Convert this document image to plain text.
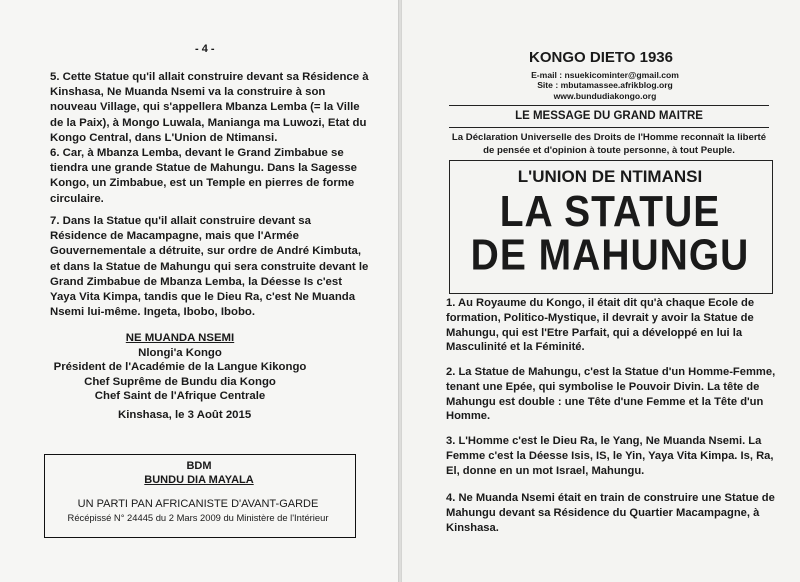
- 4 -

5. Cette Statue qu'il allait construire devant sa Résidence à Kinshasa, Ne Muanda Nsemi va la construire à son nouveau Village, qui s'appellera Mbanza Lemba (= la Ville de la Paix), à Mongo Luwala, Manianga ma Luwozi, Etat du Kongo Central, dans L'Union de Ntimansi.

6. Car, à Mbanza Lemba, devant le Grand Zimbabue se tiendra une grande Statue de Mahungu. Dans la Sagesse Kongo, un Zimbabue, est un Temple en pierres de forme circulaire.

7. Dans la Statue qu'il allait construire devant sa Résidence de Macampagne, mais que l'Armée Gouvernementale a détruite, sur ordre de André Kimbuta, et dans la Statue de Mahungu qui sera construite devant le Grand Zimbabue de Mbanza Lemba, la Déesse Is c'est Yaya Vita Kimpa, tandis que le Dieu Ra, c'est Ne Muanda Nsemi lui-même. Ingeta, Ibobo, Ibobo.

NE MUANDA NSEMI
Nlongi'a Kongo
Président de l'Académie de la Langue Kikongo
Chef Suprême de Bundu dia Kongo
Chef Saint de l'Afrique Centrale
Kinshasa, le 3 Août 2015
BDM
BUNDU DIA MAYALA
UN PARTI PAN AFRICANISTE D'AVANT-GARDE
Récépissé N° 24445 du 2 Mars 2009 du Ministère de l'Intérieur
KONGO DIETO 1936
E-mail : nsuekicominter@gmail.com
Site : mbutamassee.afrikblog.org
www.bundudiakongo.org
LE MESSAGE DU GRAND MAITRE
La Déclaration Universelle des Droits de l'Homme reconnaît la liberté de pensée et d'opinion à toute personne, à tout Peuple.
L'UNION DE NTIMANSI
LA STATUE
DE MAHUNGU

1. Au Royaume du Kongo, il était dit qu'à chaque Ecole de formation, Politico-Mystique, il devrait y avoir la Statue de Mahungu, qui est l'Etre Parfait, qui a développé en lui la Masculinité et la Féminité.

2. La Statue de Mahungu, c'est la Statue d'un Homme-Femme, tenant une Epée, qui symbolise le Pouvoir Divin. La tête de Mahungu est double : une Tête d'une Femme et la Tête d'un Homme.

3. L'Homme c'est le Dieu Ra, le Yang, Ne Muanda Nsemi. La Femme c'est la Déesse Isis, IS, le Yin, Yaya Vita Kimpa. Is, Ra, El, donne en un mot Israel, Mahungu.

4. Ne Muanda Nsemi était en train de construire une Statue de Mahungu devant sa Résidence du Quartier Macampagne, à Kinshasa.
